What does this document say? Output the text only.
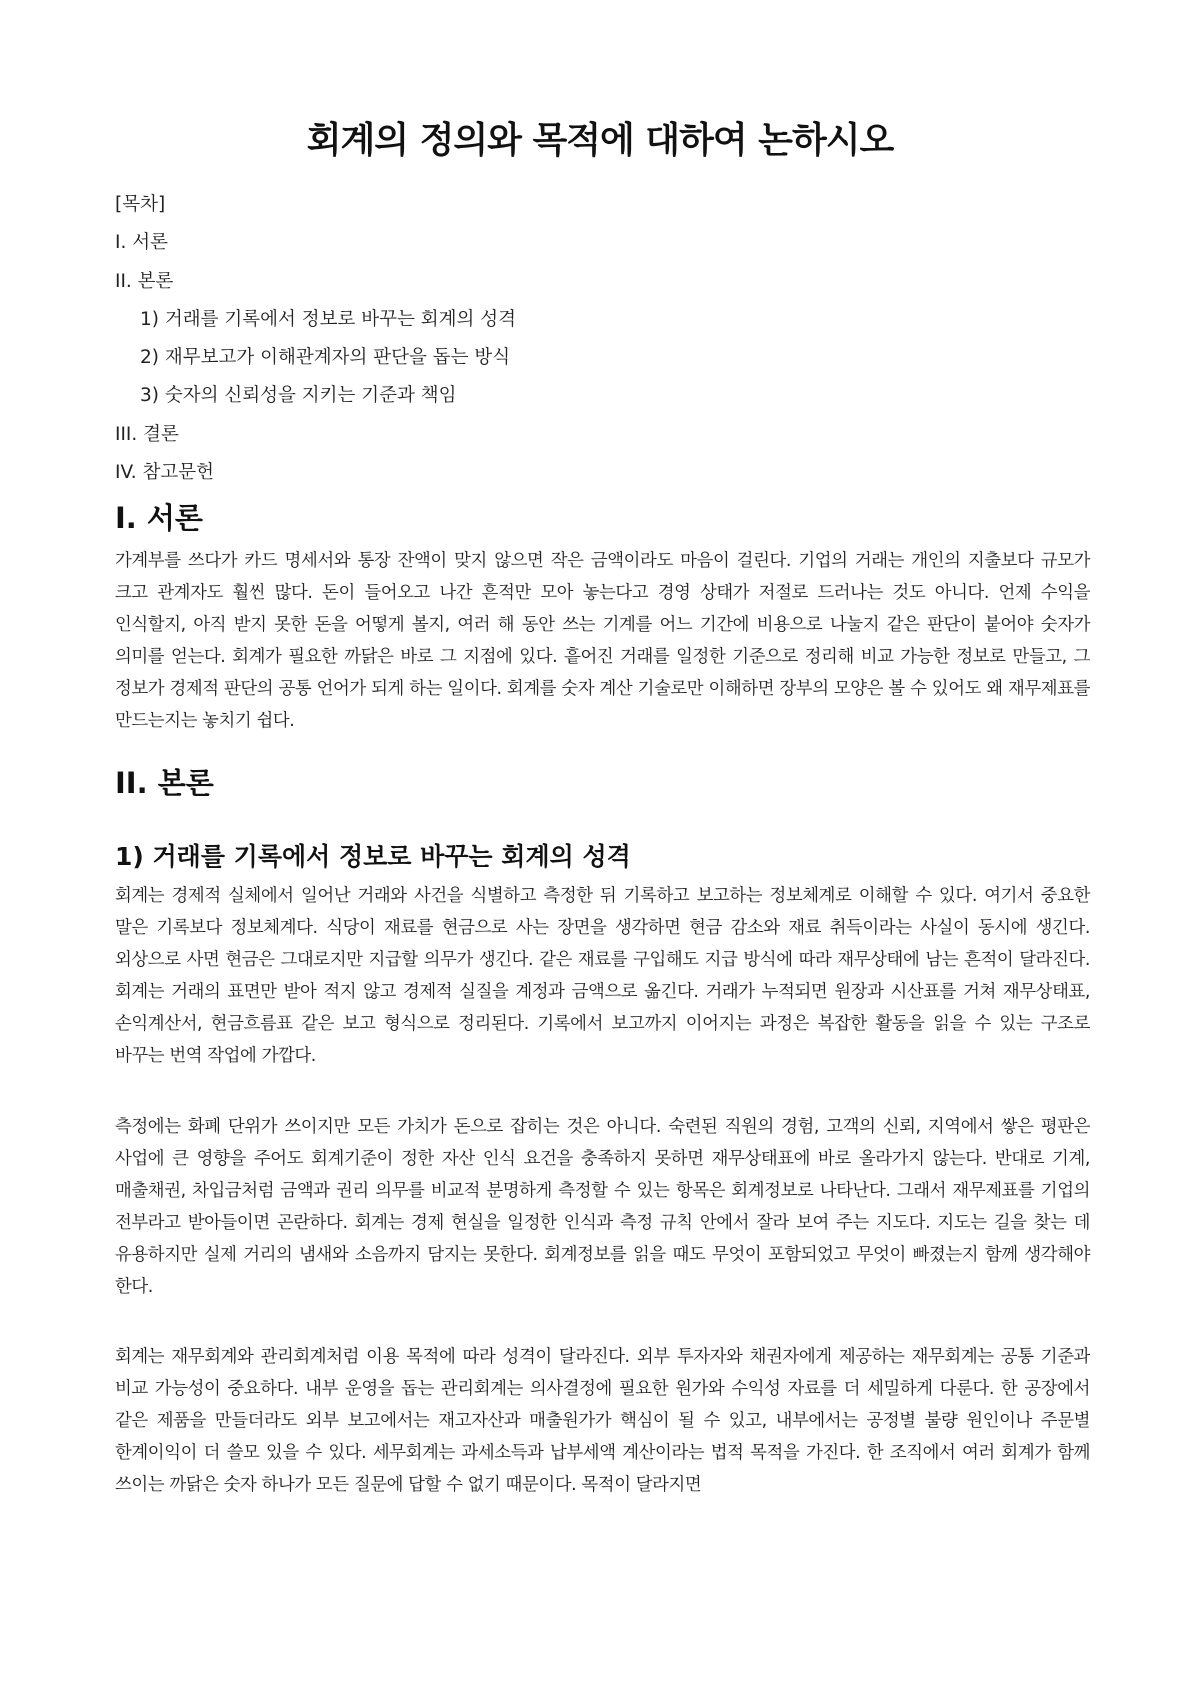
회계의 정의와 목적에 대하여 논하시오
[목차]
I. 서론
II. 본론
1) 거래를 기록에서 정보로 바꾸는 회계의 성격
2) 재무보고가 이해관계자의 판단을 돕는 방식
3) 숫자의 신뢰성을 지키는 기준과 책임
III. 결론
IV. 참고문헌
I. 서론

가계부를 쓰다가 카드 명세서와 통장 잔액이 맞지 않으면 작은 금액이라도 마음이 걸린다. 기업의 거래는 개인의 지출보다 규모가 크고 관계자도 훨씬 많다. 돈이 들어오고 나간 흔적만 모아 놓는다고 경영 상태가 저절로 드러나는 것도 아니다. 언제 수익을 인식할지, 아직 받지 못한 돈을 어떻게 볼지, 여러 해 동안 쓰는 기계를 어느 기간에 비용으로 나눌지 같은 판단이 붙어야 숫자가 의미를 얻는다. 회계가 필요한 까닭은 바로 그 지점에 있다. 흩어진 거래를 일정한 기준으로 정리해 비교 가능한 정보로 만들고, 그 정보가 경제적 판단의 공통 언어가 되게 하는 일이다. 회계를 숫자 계산 기술로만 이해하면 장부의 모양은 볼 수 있어도 왜 재무제표를 만드는지는 놓치기 쉽다.

II. 본론
1) 거래를 기록에서 정보로 바꾸는 회계의 성격

회계는 경제적 실체에서 일어난 거래와 사건을 식별하고 측정한 뒤 기록하고 보고하는 정보체계로 이해할 수 있다. 여기서 중요한 말은 기록보다 정보체계다. 식당이 재료를 현금으로 사는 장면을 생각하면 현금 감소와 재료 취득이라는 사실이 동시에 생긴다. 외상으로 사면 현금은 그대로지만 지급할 의무가 생긴다. 같은 재료를 구입해도 지급 방식에 따라 재무상태에 남는 흔적이 달라진다. 회계는 거래의 표면만 받아 적지 않고 경제적 실질을 계정과 금액으로 옮긴다. 거래가 누적되면 원장과 시산표를 거쳐 재무상태표, 손익계산서, 현금흐름표 같은 보고 형식으로 정리된다. 기록에서 보고까지 이어지는 과정은 복잡한 활동을 읽을 수 있는 구조로 바꾸는 번역 작업에 가깝다.

측정에는 화폐 단위가 쓰이지만 모든 가치가 돈으로 잡히는 것은 아니다. 숙련된 직원의 경험, 고객의 신뢰, 지역에서 쌓은 평판은 사업에 큰 영향을 주어도 회계기준이 정한 자산 인식 요건을 충족하지 못하면 재무상태표에 바로 올라가지 않는다. 반대로 기계, 매출채권, 차입금처럼 금액과 권리 의무를 비교적 분명하게 측정할 수 있는 항목은 회계정보로 나타난다. 그래서 재무제표를 기업의 전부라고 받아들이면 곤란하다. 회계는 경제 현실을 일정한 인식과 측정 규칙 안에서 잘라 보여 주는 지도다. 지도는 길을 찾는 데 유용하지만 실제 거리의 냄새와 소음까지 담지는 못한다. 회계정보를 읽을 때도 무엇이 포함되었고 무엇이 빠졌는지 함께 생각해야 한다.

회계는 재무회계와 관리회계처럼 이용 목적에 따라 성격이 달라진다. 외부 투자자와 채권자에게 제공하는 재무회계는 공통 기준과 비교 가능성이 중요하다. 내부 운영을 돕는 관리회계는 의사결정에 필요한 원가와 수익성 자료를 더 세밀하게 다룬다. 한 공장에서 같은 제품을 만들더라도 외부 보고에서는 재고자산과 매출원가가 핵심이 될 수 있고, 내부에서는 공정별 불량 원인이나 주문별 한계이익이 더 쓸모 있을 수 있다. 세무회계는 과세소득과 납부세액 계산이라는 법적 목적을 가진다. 한 조직에서 여러 회계가 함께 쓰이는 까닭은 숫자 하나가 모든 질문에 답할 수 없기 때문이다. 목적이 달라지면
